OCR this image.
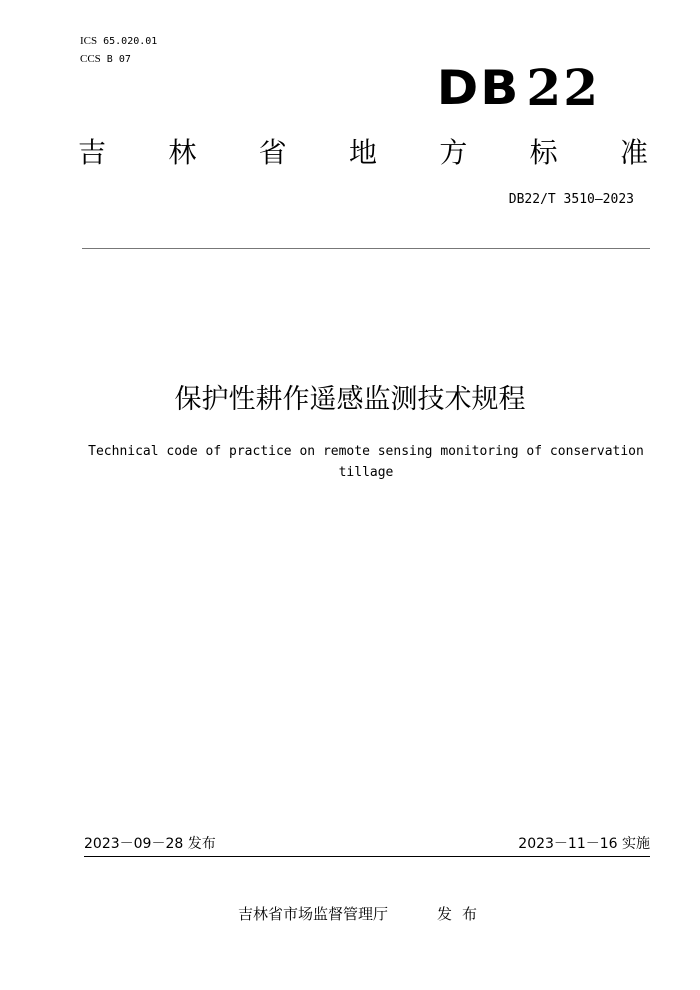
ICS 65.020.01
CCS B 07
DB 22
吉 林 省 地 方 标 准
DB22/T 3510—2023
保护性耕作遥感监测技术规程
Technical code of practice on remote sensing monitoring of conservation tillage
2023－09－28 发布	2023－11－16 实施
吉林省市场监督管理厅	发布
